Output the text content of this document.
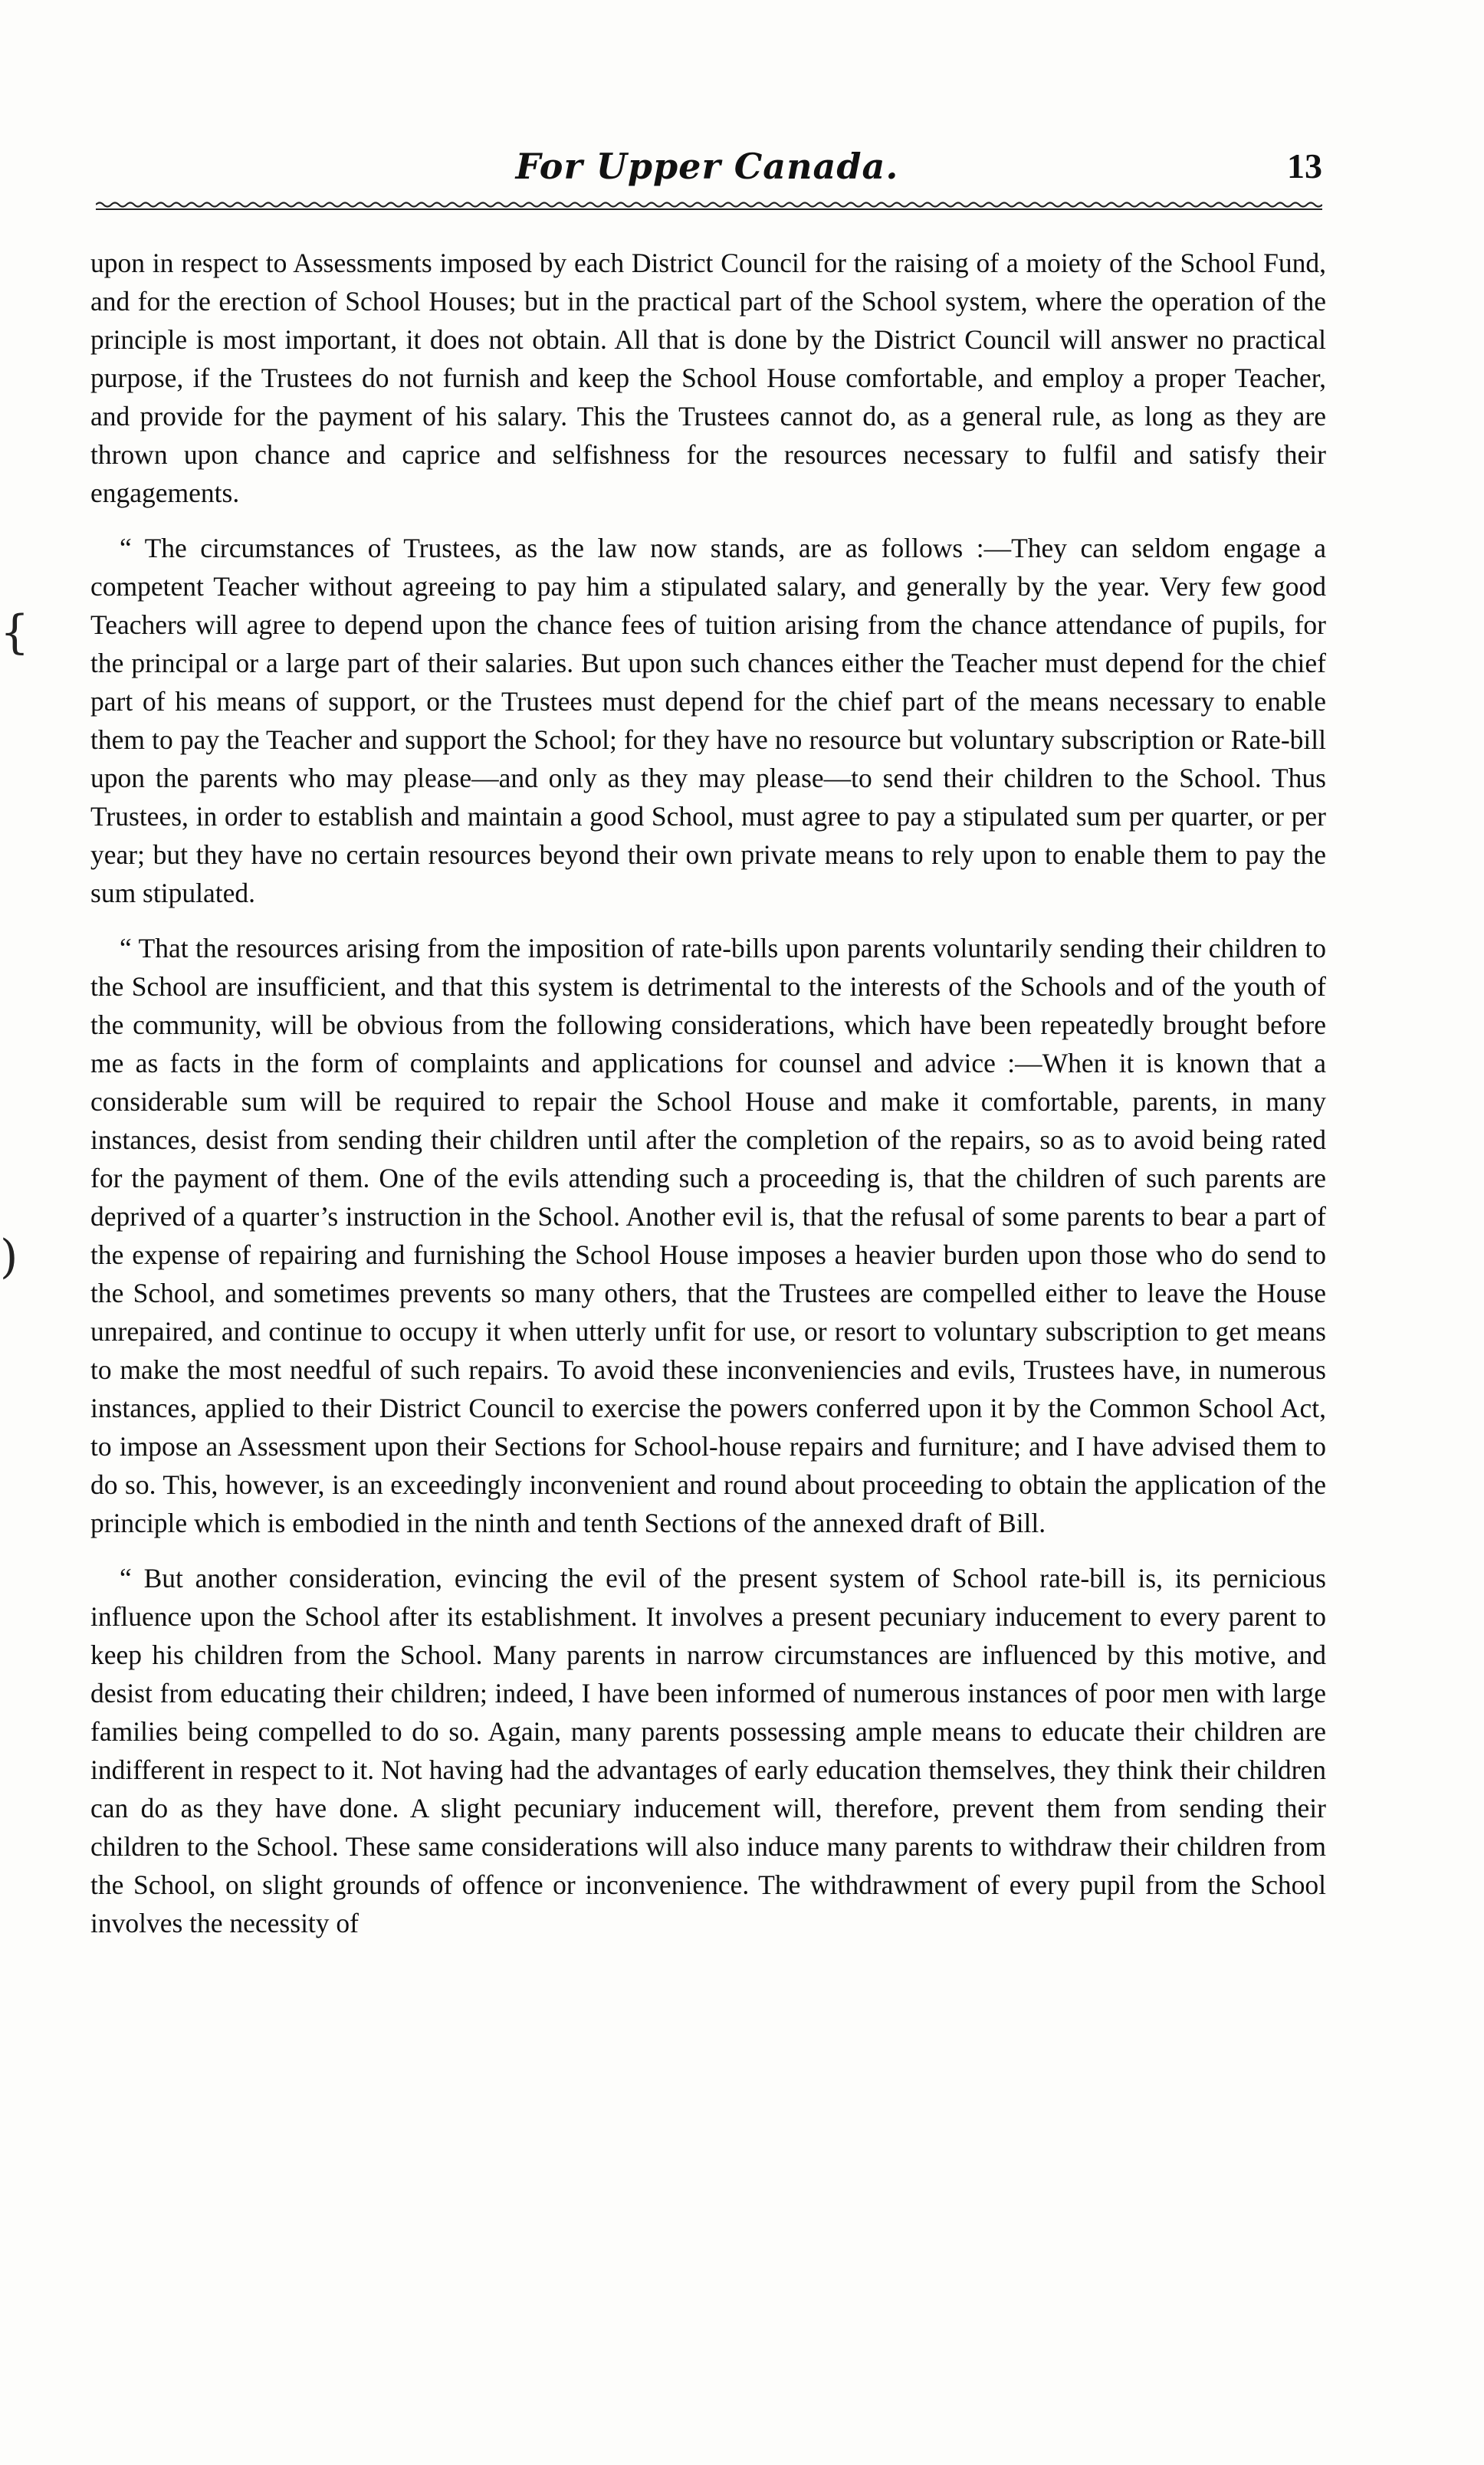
For Upper Canada.	13
{
)

upon in respect to Assessments imposed by each District Council for the raising of a moiety of the School Fund, and for the erection of School Houses; but in the practical part of the School system, where the operation of the principle is most important, it does not obtain. All that is done by the District Council will answer no practical purpose, if the Trustees do not furnish and keep the School House comfortable, and employ a proper Teacher, and provide for the payment of his salary. This the Trustees cannot do, as a general rule, as long as they are thrown upon chance and caprice and selfishness for the resources necessary to fulfil and satisfy their engagements.

“ The circumstances of Trustees, as the law now stands, are as follows :—They can seldom engage a competent Teacher without agreeing to pay him a stipulated salary, and generally by the year. Very few good Teachers will agree to depend upon the chance fees of tuition arising from the chance attendance of pupils, for the principal or a large part of their salaries. But upon such chances either the Teacher must depend for the chief part of his means of support, or the Trustees must depend for the chief part of the means necessary to enable them to pay the Teacher and support the School; for they have no resource but voluntary subscription or Rate-bill upon the parents who may please—and only as they may please—to send their children to the School. Thus Trustees, in order to establish and maintain a good School, must agree to pay a stipulated sum per quarter, or per year; but they have no certain resources beyond their own private means to rely upon to enable them to pay the sum stipulated.

“ That the resources arising from the imposition of rate-bills upon parents voluntarily sending their children to the School are insufficient, and that this system is detrimental to the interests of the Schools and of the youth of the community, will be obvious from the following considerations, which have been repeatedly brought before me as facts in the form of complaints and applications for counsel and advice :—When it is known that a considerable sum will be required to repair the School House and make it comfortable, parents, in many instances, desist from sending their children until after the completion of the repairs, so as to avoid being rated for the payment of them. One of the evils attending such a proceeding is, that the children of such parents are deprived of a quarter’s instruction in the School. Another evil is, that the refusal of some parents to bear a part of the expense of repairing and furnishing the School House imposes a heavier burden upon those who do send to the School, and sometimes prevents so many others, that the Trustees are compelled either to leave the House unrepaired, and continue to occupy it when utterly unfit for use, or resort to voluntary subscription to get means to make the most needful of such repairs. To avoid these inconveniencies and evils, Trustees have, in numerous instances, applied to their District Council to exercise the powers conferred upon it by the Common School Act, to impose an Assessment upon their Sections for School-house repairs and furniture; and I have advised them to do so. This, however, is an exceedingly inconvenient and round about proceeding to obtain the application of the principle which is embodied in the ninth and tenth Sections of the annexed draft of Bill.

“ But another consideration, evincing the evil of the present system of School rate-bill is, its pernicious influence upon the School after its establishment. It involves a present pecuniary inducement to every parent to keep his children from the School. Many parents in narrow circumstances are influenced by this motive, and desist from educating their children; indeed, I have been informed of numerous instances of poor men with large families being compelled to do so. Again, many parents possessing ample means to educate their children are indifferent in respect to it. Not having had the advantages of early education themselves, they think their children can do as they have done. A slight pecuniary inducement will, therefore, prevent them from sending their children to the School. These same considerations will also induce many parents to withdraw their children from the School, on slight grounds of offence or inconvenience. The withdrawment of every pupil from the School involves the necessity of
